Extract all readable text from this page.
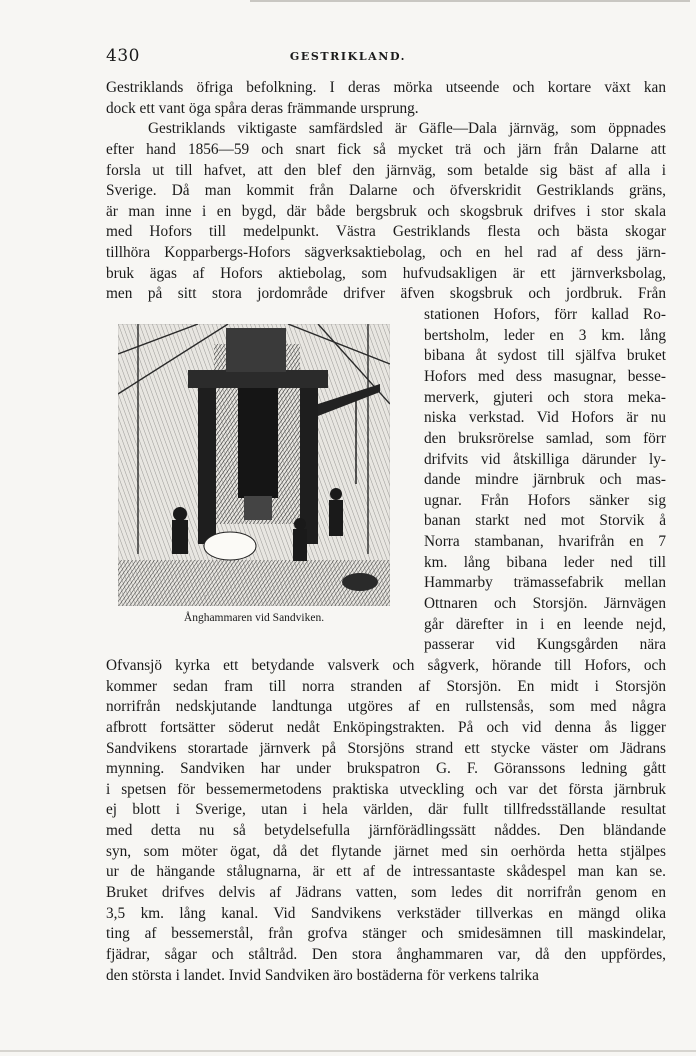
430	GESTRIKLAND.
Gestriklands öfriga befolkning. I deras mörka utseende och kortare växt kan
dock ett vant öga spåra deras främmande ursprung.
Gestriklands viktigaste samfärdsled är Gäfle—Dala järnväg, som öppnades
efter hand 1856—59 och snart fick så mycket trä och järn från Dalarne att
forsla ut till hafvet, att den blef den järnväg, som betalde sig bäst af alla i
Sverige. Då man kommit från Dalarne och öfverskridit Gestriklands gräns,
är man inne i en bygd, där både bergsbruk och skogsbruk drifves i stor skala
med Hofors till medelpunkt. Västra Gestriklands flesta och bästa skogar
tillhöra Kopparbergs-Hofors sägverksaktiebolag, och en hel rad af dess järn-
bruk ägas af Hofors aktiebolag, som hufvudsakligen är ett järnverksbolag,
men på sitt stora jordområde drifver äfven skogsbruk och jordbruk. Från
stationen Hofors, förr kallad Ro-
bertsholm, leder en 3 km. lång
bibana åt sydost till själfva bruket
Hofors med dess masugnar, besse-
merverk, gjuteri och stora meka-
niska verkstad. Vid Hofors är nu
den bruksrörelse samlad, som förr
drifvits vid åtskilliga därunder ly-
dande mindre järnbruk och mas-
ugnar. Från Hofors sänker sig
banan starkt ned mot Storvik å
Norra stambanan, hvarifrån en 7
km. lång bibana leder ned till
Hammarby trämassefabrik mellan
Ottnaren och Storsjön. Järnvägen
går därefter in i en leende nejd,
passerar vid Kungsgården nära
Ofvansjö kyrka ett betydande valsverk och sågverk, hörande till Hofors, och
kommer sedan fram till norra stranden af Storsjön. En midt i Storsjön
norrifrån nedskjutande landtunga utgöres af en rullstensås, som med några
afbrott fortsätter söderut nedåt Enköpingstrakten. På och vid denna ås ligger
Sandvikens storartade järnverk på Storsjöns strand ett stycke väster om Jädrans
mynning. Sandviken har under brukspatron G. F. Göranssons ledning gått
i spetsen för bessemermetodens praktiska utveckling och var det första järnbruk
ej blott i Sverige, utan i hela världen, där fullt tillfredsställande resultat
med detta nu så betydelsefulla järnförädlingssätt nåddes. Den bländande
syn, som möter ögat, då det flytande järnet med sin oerhörda hetta stjälpes
ur de hängande stålugnarna, är ett af de intressantaste skådespel man kan se.
Bruket drifves delvis af Jädrans vatten, som ledes dit norrifrån genom en
3,5 km. lång kanal. Vid Sandvikens verkstäder tillverkas en mängd olika
ting af bessemerstål, från grofva stänger och smidesämnen till maskindelar,
fjädrar, sågar och ståltråd. Den stora ånghammaren var, då den uppfördes,
den största i landet. Invid Sandviken äro bostäderna för verkens talrika
Ånghammaren vid Sandviken.
